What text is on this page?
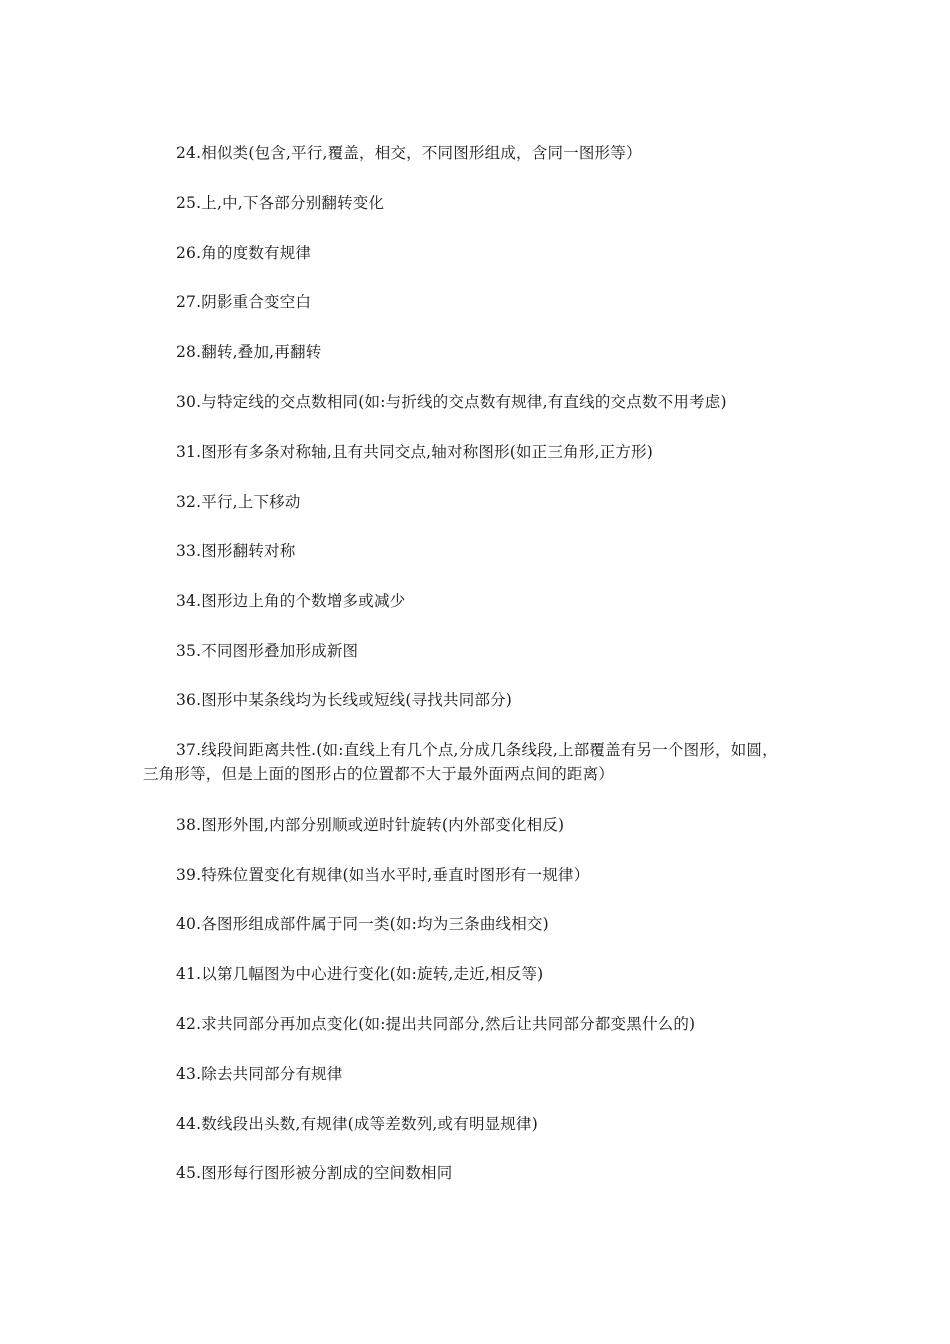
24.相似类(包含,平行,覆盖，相交，不同图形组成，含同一图形等）
25.上,中,下各部分别翻转变化
26.角的度数有规律
27.阴影重合变空白
28.翻转,叠加,再翻转
30.与特定线的交点数相同(如:与折线的交点数有规律,有直线的交点数不用考虑)
31.图形有多条对称轴,且有共同交点,轴对称图形(如正三角形,正方形)
32.平行,上下移动
33.图形翻转对称
34.图形边上角的个数增多或减少
35.不同图形叠加形成新图
36.图形中某条线均为长线或短线(寻找共同部分)
37.线段间距离共性.(如:直线上有几个点,分成几条线段,上部覆盖有另一个图形，如圆，
三角形等，但是上面的图形占的位置都不大于最外面两点间的距离）
38.图形外围,内部分别顺或逆时针旋转(内外部变化相反)
39.特殊位置变化有规律(如当水平时,垂直时图形有一规律）
40.各图形组成部件属于同一类(如:均为三条曲线相交)
41.以第几幅图为中心进行变化(如:旋转,走近,相反等)
42.求共同部分再加点变化(如:提出共同部分,然后让共同部分都变黑什么的)
43.除去共同部分有规律
44.数线段出头数,有规律(成等差数列,或有明显规律)
45.图形每行图形被分割成的空间数相同
